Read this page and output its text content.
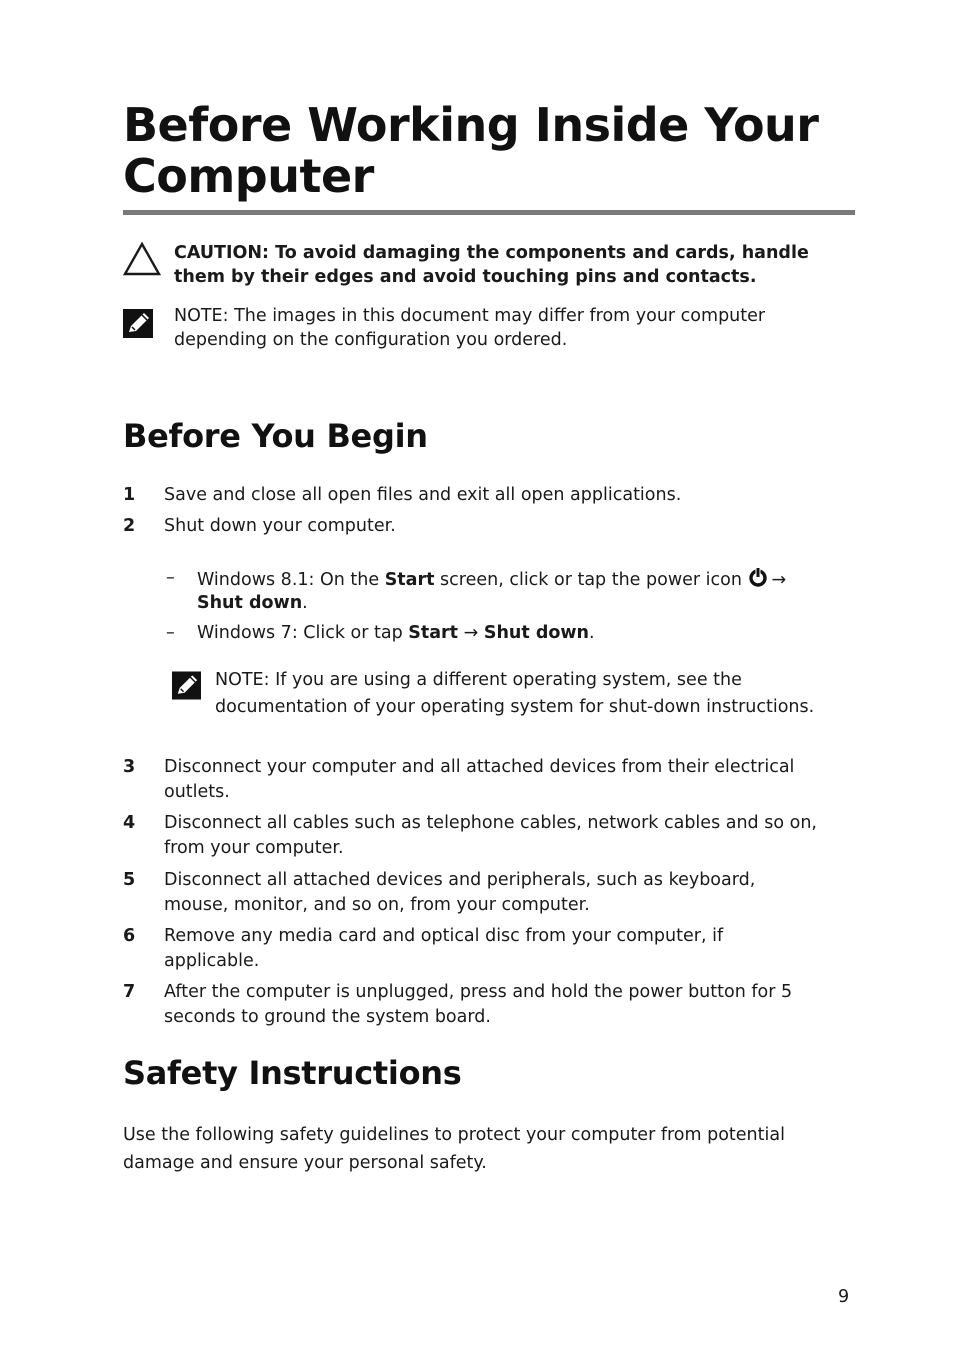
Before Working Inside Your Computer
CAUTION: To avoid damaging the components and cards, handle them by their edges and avoid touching pins and contacts.
NOTE: The images in this document may differ from your computer depending on the configuration you ordered.
Before You Begin
1 Save and close all open files and exit all open applications.
2 Shut down your computer.
– Windows 8.1: On the Start screen, click or tap the power icon →
Shut down.
– Windows 7: Click or tap Start → Shut down.
NOTE: If you are using a different operating system, see the documentation of your operating system for shut-down instructions.
3 Disconnect your computer and all attached devices from their electrical outlets.
4 Disconnect all cables such as telephone cables, network cables and so on, from your computer.
5 Disconnect all attached devices and peripherals, such as keyboard, mouse, monitor, and so on, from your computer.
6 Remove any media card and optical disc from your computer, if applicable.
7 After the computer is unplugged, press and hold the power button for 5 seconds to ground the system board.
Safety Instructions
Use the following safety guidelines to protect your computer from potential damage and ensure your personal safety.
9
